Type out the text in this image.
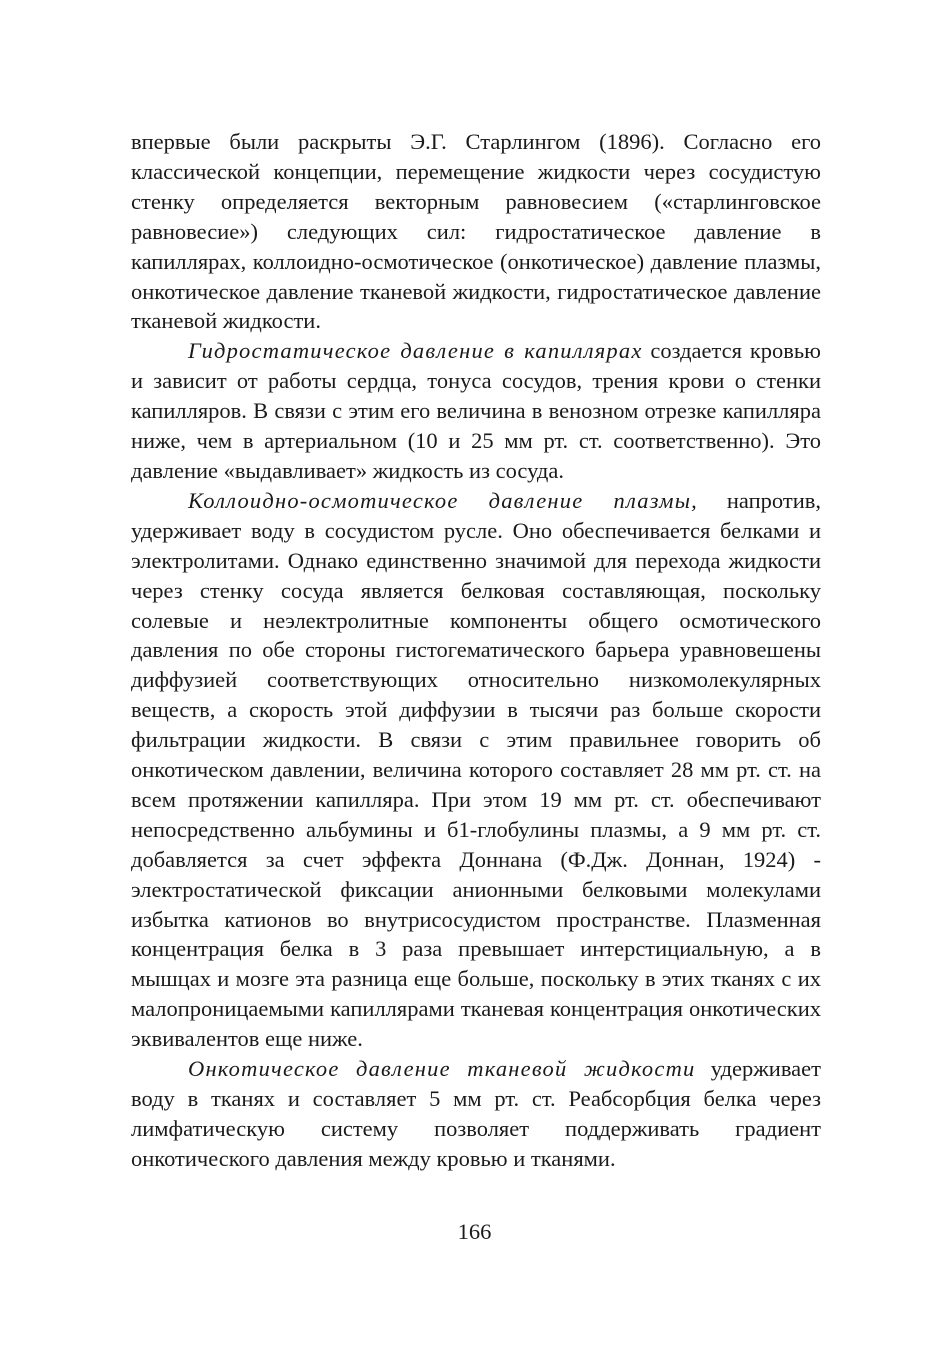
впервые были раскрыты Э.Г. Старлингом (1896). Согласно его классической концепции, перемещение жидкости через сосудистую стенку определяется векторным равновесием («старлинговское равновесие») следующих сил: гидростатическое давление в капиллярах, коллоидно-осмотическое (онкотическое) давление плазмы, онкотическое давление тканевой жидкости, гидростатическое давление тканевой жидкости.

Гидростатическое давление в капиллярах создается кровью и зависит от работы сердца, тонуса сосудов, трения крови о стенки капилляров. В связи с этим его величина в венозном отрезке капилляра ниже, чем в артериальном (10 и 25 мм рт. ст. соответственно). Это давление «выдавливает» жидкость из сосуда.

Коллоидно-осмотическое давление плазмы, напротив, удерживает воду в сосудистом русле. Оно обеспечивается белками и электролитами. Однако единственно значимой для перехода жидкости через стенку сосуда является белковая составляющая, поскольку солевые и неэлектролитные компоненты общего осмотического давления по обе стороны гистогематического барьера уравновешены диффузией соответствующих относительно низкомолекулярных веществ, а скорость этой диффузии в тысячи раз больше скорости фильтрации жидкости. В связи с этим правильнее говорить об онкотическом давлении, величина которого составляет 28 мм рт. ст. на всем протяжении капилляра. При этом 19 мм рт. ст. обеспечивают непосредственно альбумины и б1-глобулины плазмы, а 9 мм рт. ст. добавляется за счет эффекта Доннана (Ф.Дж. Доннан, 1924) - электростатической фиксации анионными белковыми молекулами избытка катионов во внутрисосудистом пространстве. Плазменная концентрация белка в 3 раза превышает интерстициальную, а в мышцах и мозге эта разница еще больше, поскольку в этих тканях с их малопроницаемыми капиллярами тканевая концентрация онкотических эквивалентов еще ниже.

Онкотическое давление тканевой жидкости удерживает воду в тканях и составляет 5 мм рт. ст. Реабсорбция белка через лимфатическую систему позволяет поддерживать градиент онкотического давления между кровью и тканями.

166
